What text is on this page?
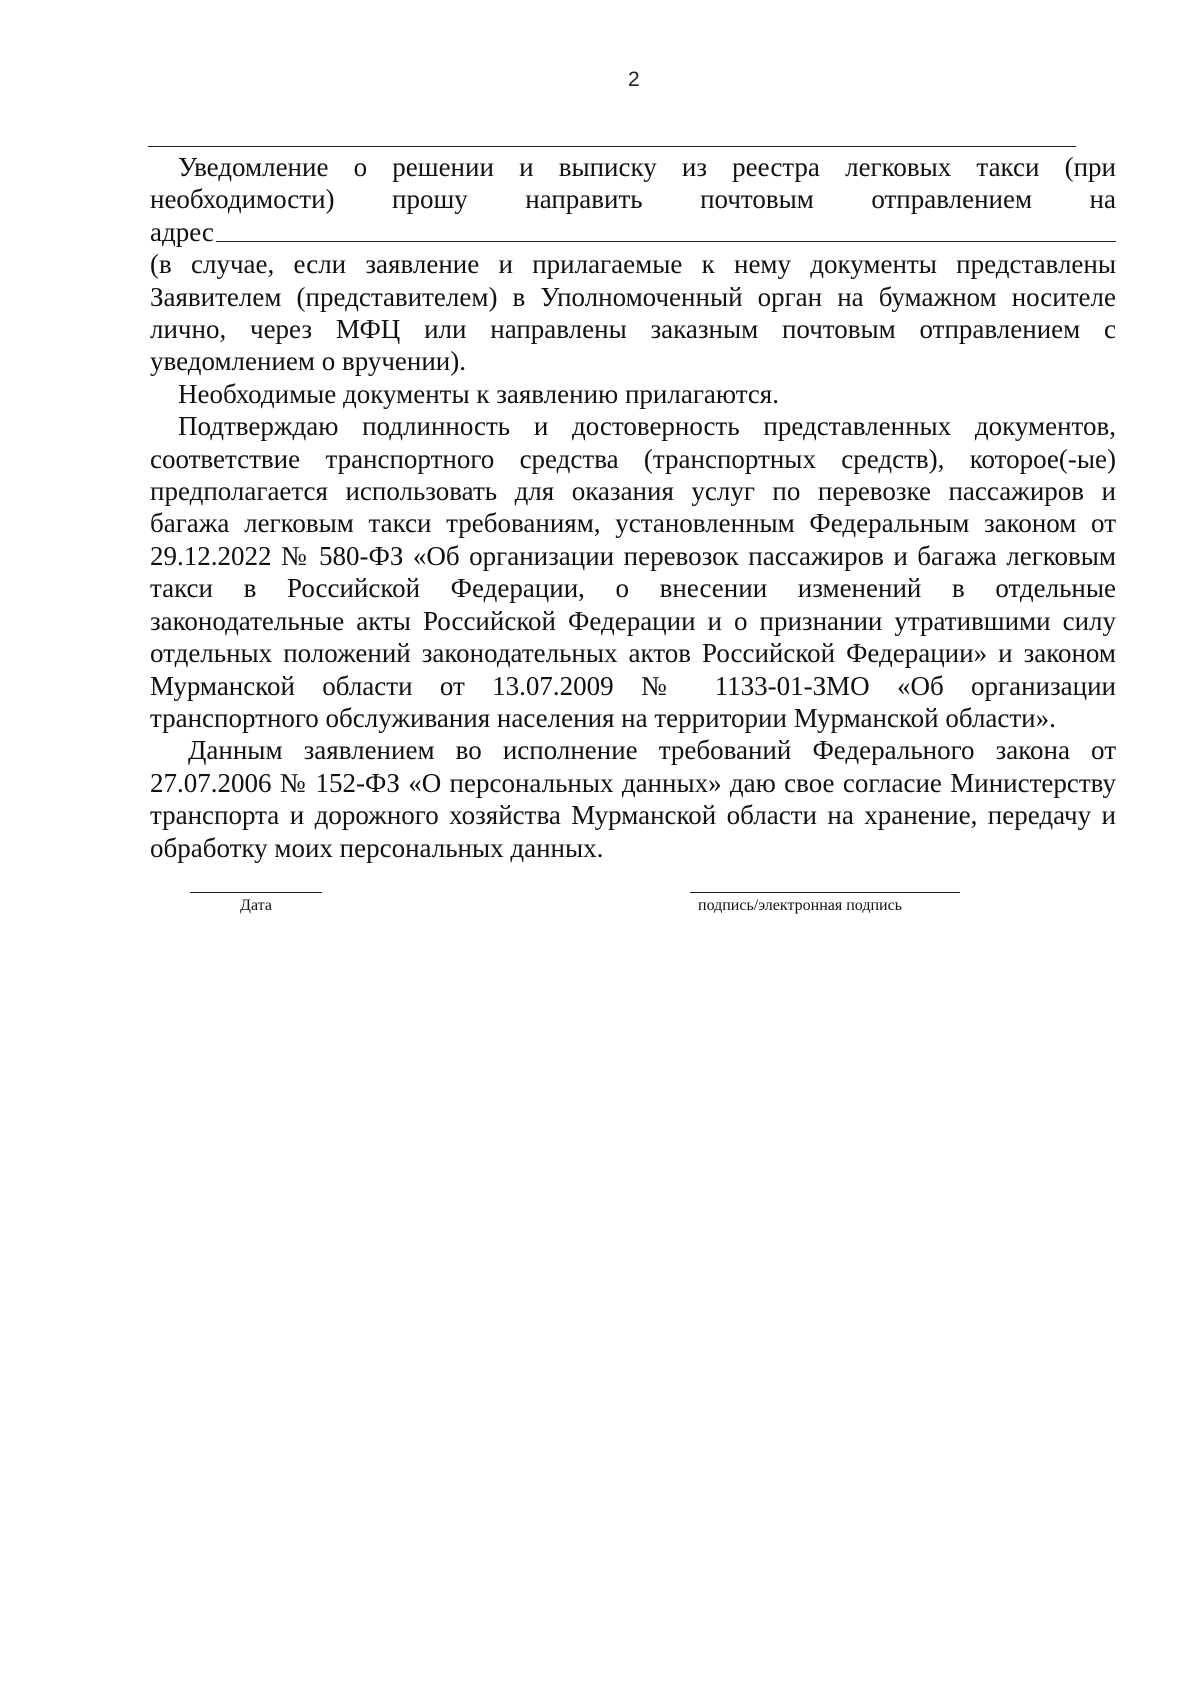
2

Уведомление о решении и выписку из реестра легковых такси (при

необходимости) прошу направить почтовым отправлением на

адрес

(в случае, если заявление и прилагаемые к нему документы представлены Заявителем (представителем) в Уполномоченный орган на бумажном носителе лично, через МФЦ или направлены заказным почтовым отправлением с уведомлением о вручении).

Необходимые документы к заявлению прилагаются.

Подтверждаю подлинность и достоверность представленных документов, соответствие транспортного средства (транспортных средств), которое(-ые) предполагается использовать для оказания услуг по перевозке пассажиров и багажа легковым такси требованиям, установленным Федеральным законом от 29.12.2022 № 580-ФЗ «Об организации перевозок пассажиров и багажа легковым такси в Российской Федерации, о внесении изменений в отдельные законодательные акты Российской Федерации и о признании утратившими силу отдельных положений законодательных актов Российской Федерации» и законом Мурманской области от 13.07.2009 № 1133-01-ЗМО «Об организации транспортного обслуживания населения на территории Мурманской области».

Данным заявлением во исполнение требований Федерального закона от 27.07.2006 № 152-ФЗ «О персональных данных» даю свое согласие Министерству транспорта и дорожного хозяйства Мурманской области на хранение, передачу и обработку моих персональных данных.

Дата	подпись/электронная подпись
